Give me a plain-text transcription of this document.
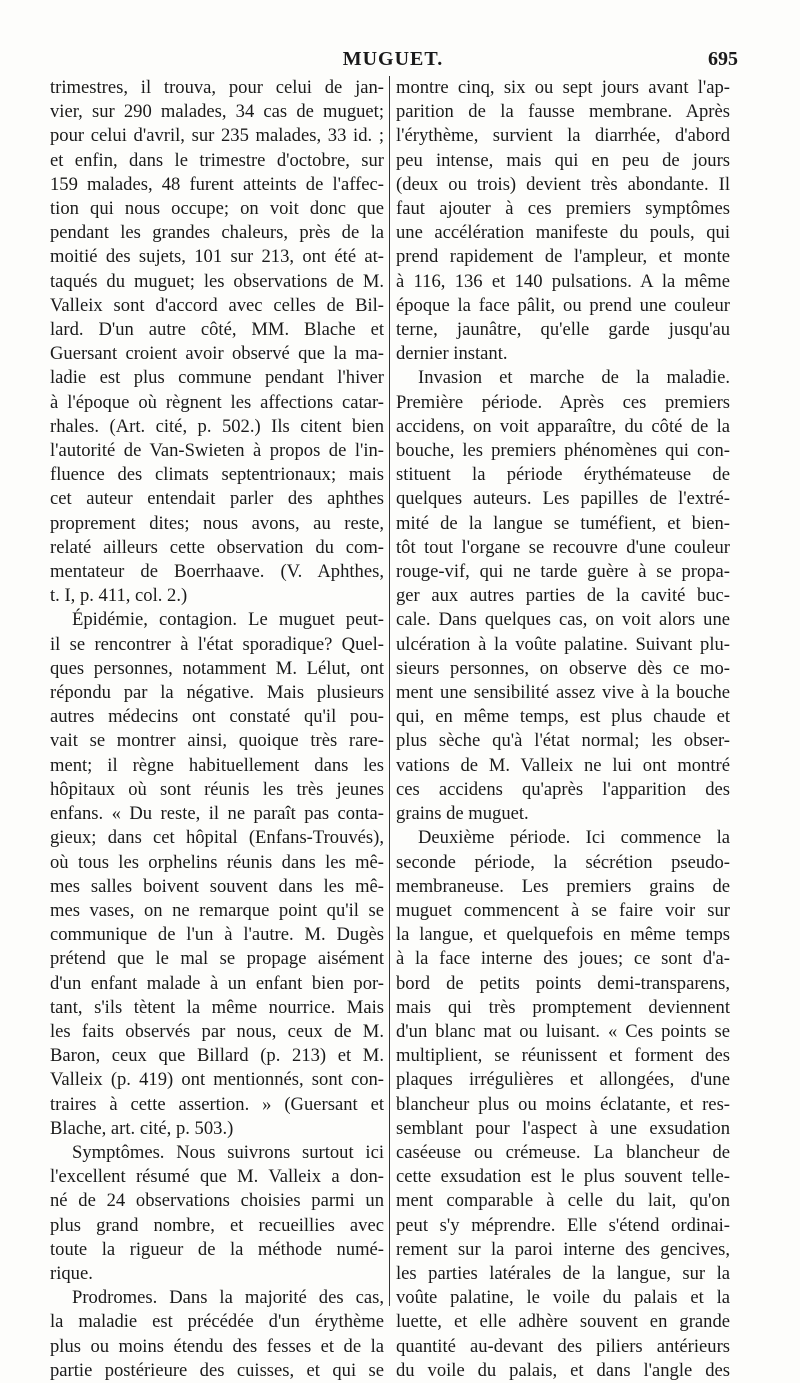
MUGUET.	695
trimestres, il trouva, pour celui de jan-
vier, sur 290 malades, 34 cas de muguet;
pour celui d'avril, sur 235 malades, 33 id. ;
et enfin, dans le trimestre d'octobre, sur
159 malades, 48 furent atteints de l'affec-
tion qui nous occupe; on voit donc que
pendant les grandes chaleurs, près de la
moitié des sujets, 101 sur 213, ont été at-
taqués du muguet; les observations de M.
Valleix sont d'accord avec celles de Bil-
lard. D'un autre côté, MM. Blache et
Guersant croient avoir observé que la ma-
ladie est plus commune pendant l'hiver
à l'époque où règnent les affections catar-
rhales. (Art. cité, p. 502.) Ils citent bien
l'autorité de Van-Swieten à propos de l'in-
fluence des climats septentrionaux; mais
cet auteur entendait parler des aphthes
proprement dites; nous avons, au reste,
relaté ailleurs cette observation du com-
mentateur de Boerrhaave. (V. Aphthes,
t. I, p. 411, col. 2.)
Épidémie, contagion. Le muguet peut-
il se rencontrer à l'état sporadique? Quel-
ques personnes, notamment M. Lélut, ont
répondu par la négative. Mais plusieurs
autres médecins ont constaté qu'il pou-
vait se montrer ainsi, quoique très rare-
ment; il règne habituellement dans les
hôpitaux où sont réunis les très jeunes
enfans. « Du reste, il ne paraît pas conta-
gieux; dans cet hôpital (Enfans-Trouvés),
où tous les orphelins réunis dans les mê-
mes salles boivent souvent dans les mê-
mes vases, on ne remarque point qu'il se
communique de l'un à l'autre. M. Dugès
prétend que le mal se propage aisément
d'un enfant malade à un enfant bien por-
tant, s'ils tètent la même nourrice. Mais
les faits observés par nous, ceux de M.
Baron, ceux que Billard (p. 213) et M.
Valleix (p. 419) ont mentionnés, sont con-
traires à cette assertion. » (Guersant et
Blache, art. cité, p. 503.)
Symptômes. Nous suivrons surtout ici
l'excellent résumé que M. Valleix a don-
né de 24 observations choisies parmi un
plus grand nombre, et recueillies avec
toute la rigueur de la méthode numé-
rique.
Prodromes. Dans la majorité des cas,
la maladie est précédée d'un érythème
plus ou moins étendu des fesses et de la
partie postérieure des cuisses, et qui se
montre cinq, six ou sept jours avant l'ap-
parition de la fausse membrane. Après
l'érythème, survient la diarrhée, d'abord
peu intense, mais qui en peu de jours
(deux ou trois) devient très abondante. Il
faut ajouter à ces premiers symptômes
une accélération manifeste du pouls, qui
prend rapidement de l'ampleur, et monte
à 116, 136 et 140 pulsations. A la même
époque la face pâlit, ou prend une couleur
terne, jaunâtre, qu'elle garde jusqu'au
dernier instant.
Invasion et marche de la maladie.
Première période. Après ces premiers
accidens, on voit apparaître, du côté de la
bouche, les premiers phénomènes qui con-
stituent la période érythémateuse de
quelques auteurs. Les papilles de l'extré-
mité de la langue se tuméfient, et bien-
tôt tout l'organe se recouvre d'une couleur
rouge-vif, qui ne tarde guère à se propa-
ger aux autres parties de la cavité buc-
cale. Dans quelques cas, on voit alors une
ulcération à la voûte palatine. Suivant plu-
sieurs personnes, on observe dès ce mo-
ment une sensibilité assez vive à la bouche
qui, en même temps, est plus chaude et
plus sèche qu'à l'état normal; les obser-
vations de M. Valleix ne lui ont montré
ces accidens qu'après l'apparition des
grains de muguet.
Deuxième période. Ici commence la
seconde période, la sécrétion pseudo-
membraneuse. Les premiers grains de
muguet commencent à se faire voir sur
la langue, et quelquefois en même temps
à la face interne des joues; ce sont d'a-
bord de petits points demi-transparens,
mais qui très promptement deviennent
d'un blanc mat ou luisant. « Ces points se
multiplient, se réunissent et forment des
plaques irrégulières et allongées, d'une
blancheur plus ou moins éclatante, et res-
semblant pour l'aspect à une exsudation
caséeuse ou crémeuse. La blancheur de
cette exsudation est le plus souvent telle-
ment comparable à celle du lait, qu'on
peut s'y méprendre. Elle s'étend ordinai-
rement sur la paroi interne des gencives,
les parties latérales de la langue, sur la
voûte palatine, le voile du palais et la
luette, et elle adhère souvent en grande
quantité au-devant des piliers antérieurs
du voile du palais, et dans l'angle des
